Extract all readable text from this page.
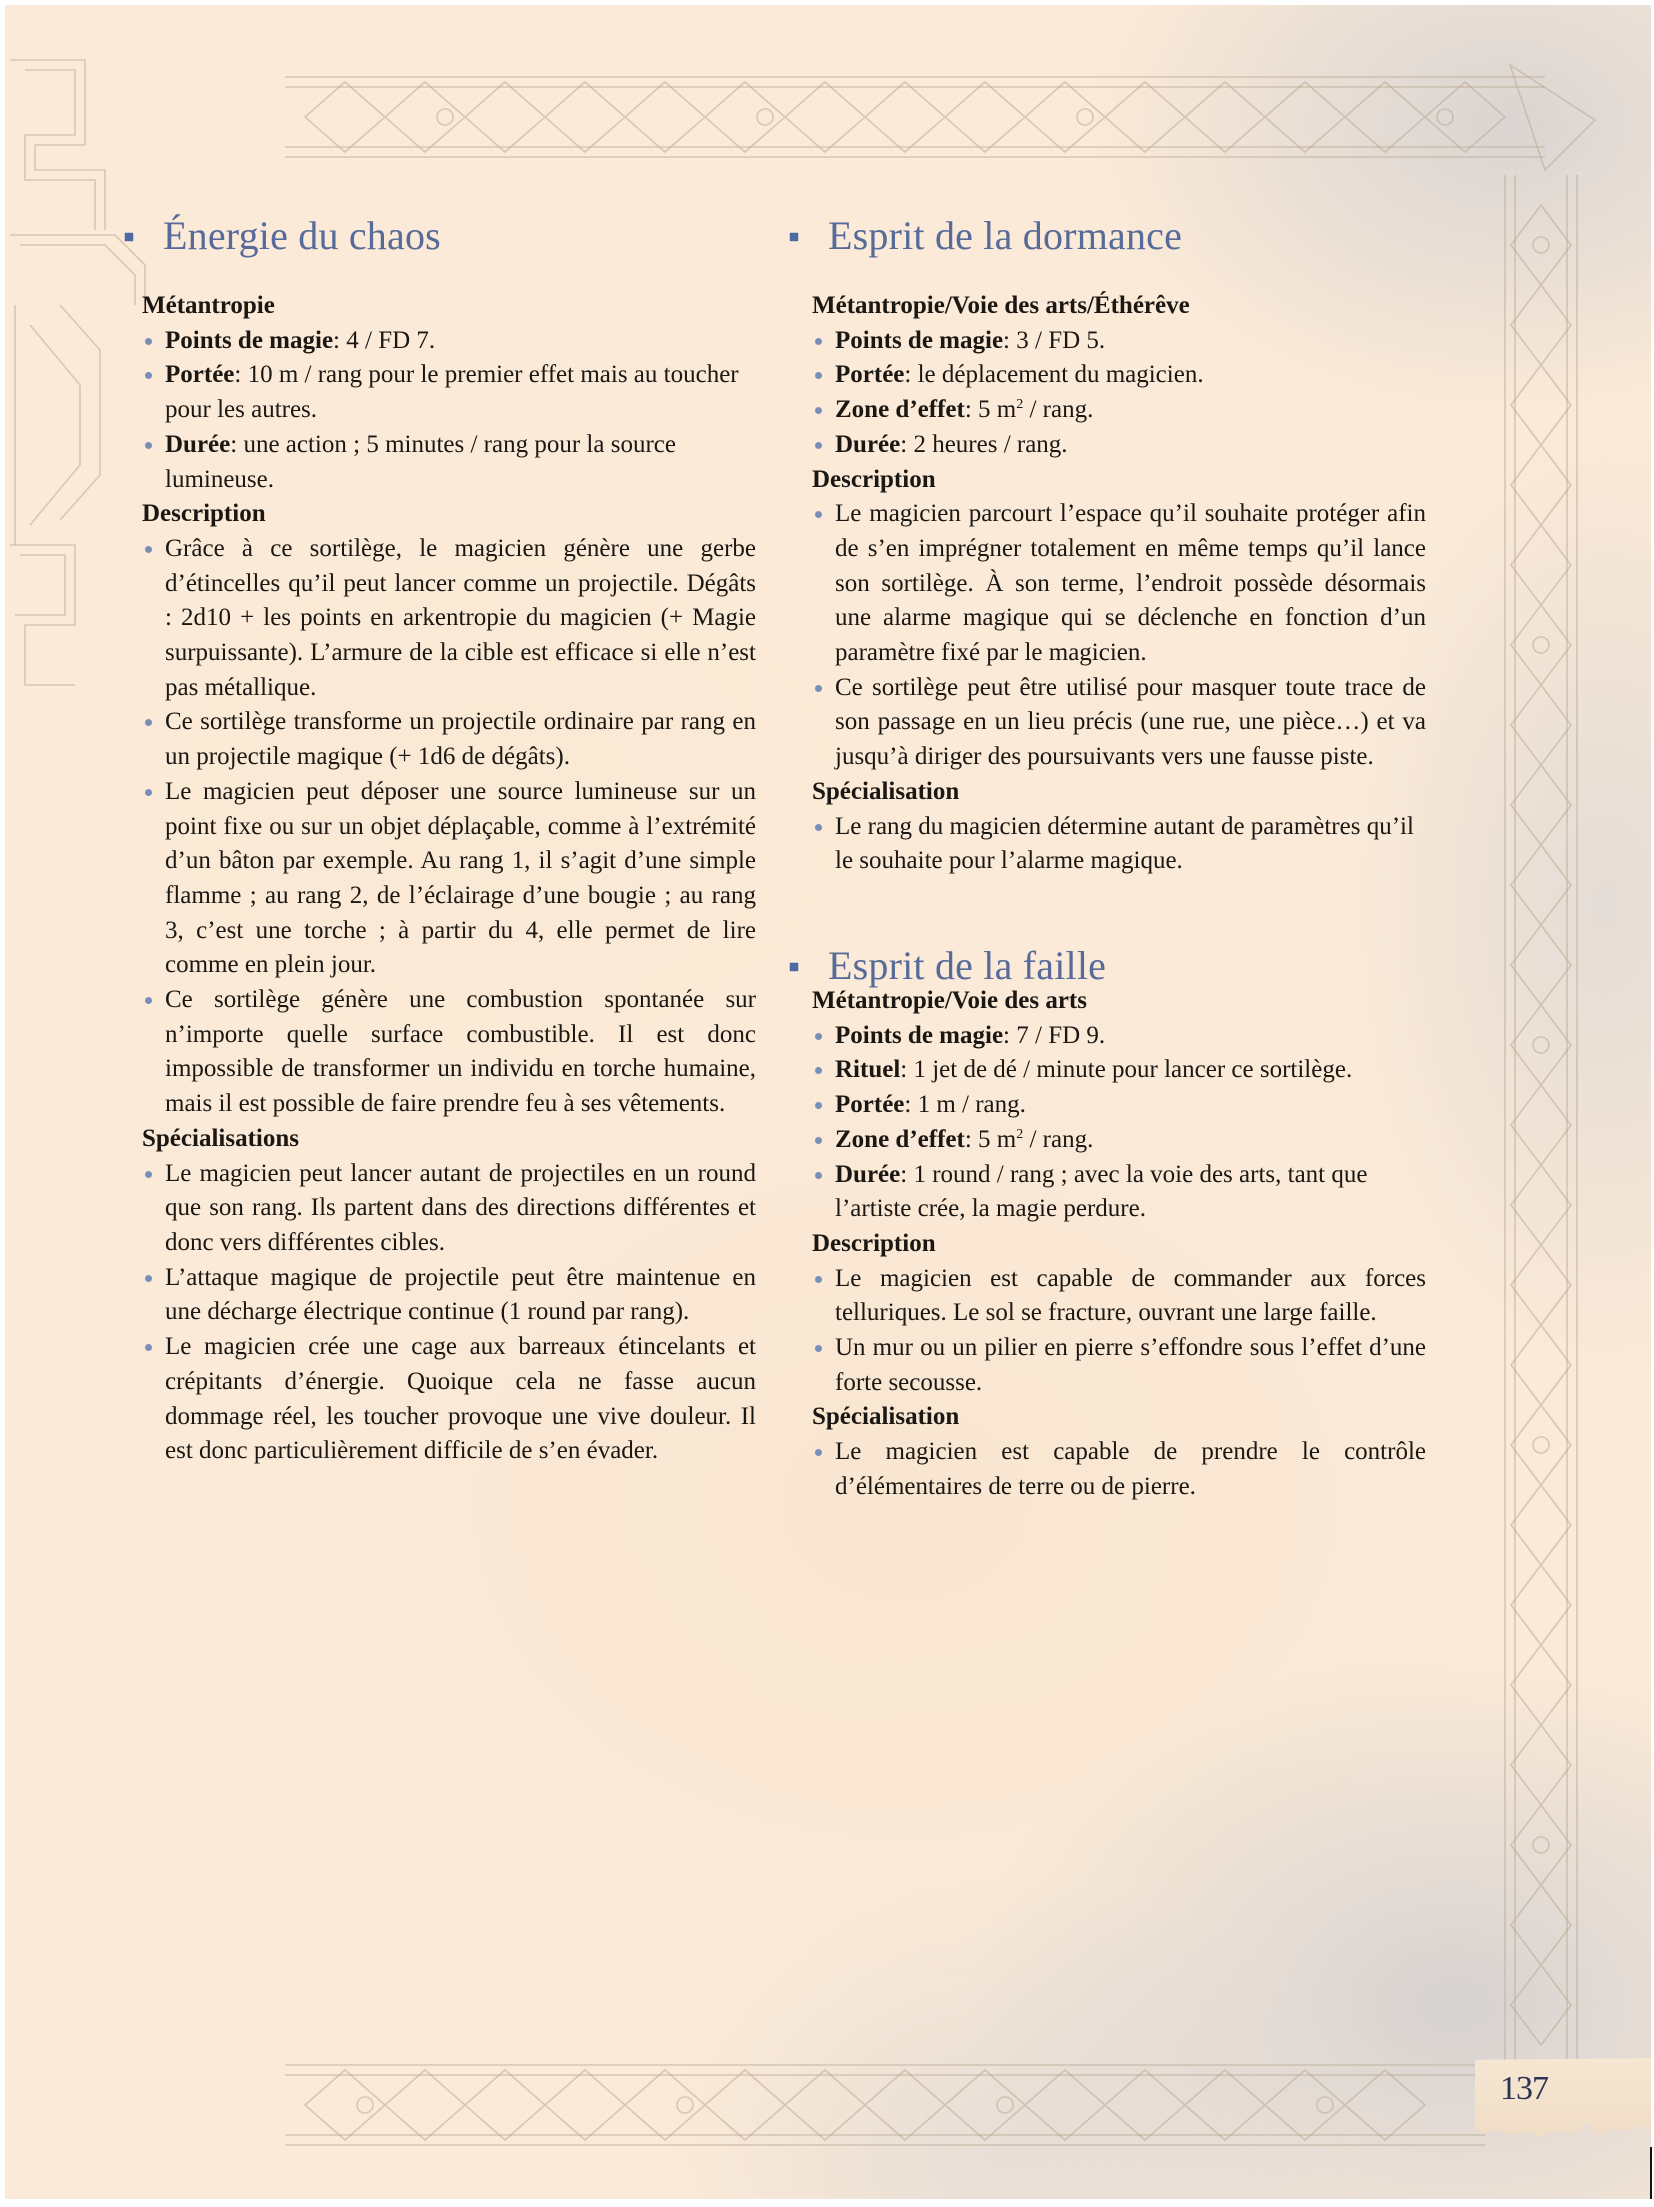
Énergie du chaos
Métantropie
Points de magie: 4 / FD 7.
Portée: 10 m / rang pour le premier effet mais au toucher pour les autres.
Durée: une action ; 5 minutes / rang pour la source lumineuse.
Description
Grâce à ce sortilège, le magicien génère une gerbe d’étincelles qu’il peut lancer comme un projectile. Dégâts : 2d10 + les points en arkentropie du magicien (+ Magie surpuissante). L’armure de la cible est efficace si elle n’est pas métallique.
Ce sortilège transforme un projectile ordinaire par rang en un projectile magique (+ 1d6 de dégâts).
Le magicien peut déposer une source lumineuse sur un point fixe ou sur un objet déplaçable, comme à l’extrémité d’un bâton par exemple. Au rang 1, il s’agit d’une simple flamme ; au rang 2, de l’éclairage d’une bougie ; au rang 3, c’est une torche ; à partir du 4, elle permet de lire comme en plein jour.
Ce sortilège génère une combustion spontanée sur n’importe quelle surface combustible. Il est donc impossible de transformer un individu en torche humaine, mais il est possible de faire prendre feu à ses vêtements.
Spécialisations
Le magicien peut lancer autant de projectiles en un round que son rang. Ils partent dans des directions différentes et donc vers différentes cibles.
L’attaque magique de projectile peut être maintenue en une décharge électrique continue (1 round par rang).
Le magicien crée une cage aux barreaux étincelants et crépitants d’énergie. Quoique cela ne fasse aucun dommage réel, les toucher provoque une vive douleur. Il est donc particulièrement difficile de s’en évader.
Esprit de la dormance
Métantropie/Voie des arts/Éthérêve
Points de magie: 3 / FD 5.
Portée: le déplacement du magicien.
Zone d’effet: 5 $m^2$ / rang.
Durée: 2 heures / rang.
Description
Le magicien parcourt l’espace qu’il souhaite protéger afin de s’en imprégner totalement en même temps qu’il lance son sortilège. À son terme, l’endroit possède désormais une alarme magique qui se déclenche en fonction d’un paramètre fixé par le magicien.
Ce sortilège peut être utilisé pour masquer toute trace de son passage en un lieu précis (une rue, une pièce…) et va jusqu’à diriger des poursuivants vers une fausse piste.
Spécialisation
Le rang du magicien détermine autant de paramètres qu’il le souhaite pour l’alarme magique.
Esprit de la faille
Métantropie/Voie des arts
Points de magie: 7 / FD 9.
Rituel: 1 jet de dé / minute pour lancer ce sortilège.
Portée: 1 m / rang.
Zone d’effet: 5 $m^2$ / rang.
Durée: 1 round / rang ; avec la voie des arts, tant que l’artiste crée, la magie perdure.
Description
Le magicien est capable de commander aux forces telluriques. Le sol se fracture, ouvrant une large faille.
Un mur ou un pilier en pierre s’effondre sous l’effet d’une forte secousse.
Spécialisation
Le magicien est capable de prendre le contrôle d’élémentaires de terre ou de pierre.
137
